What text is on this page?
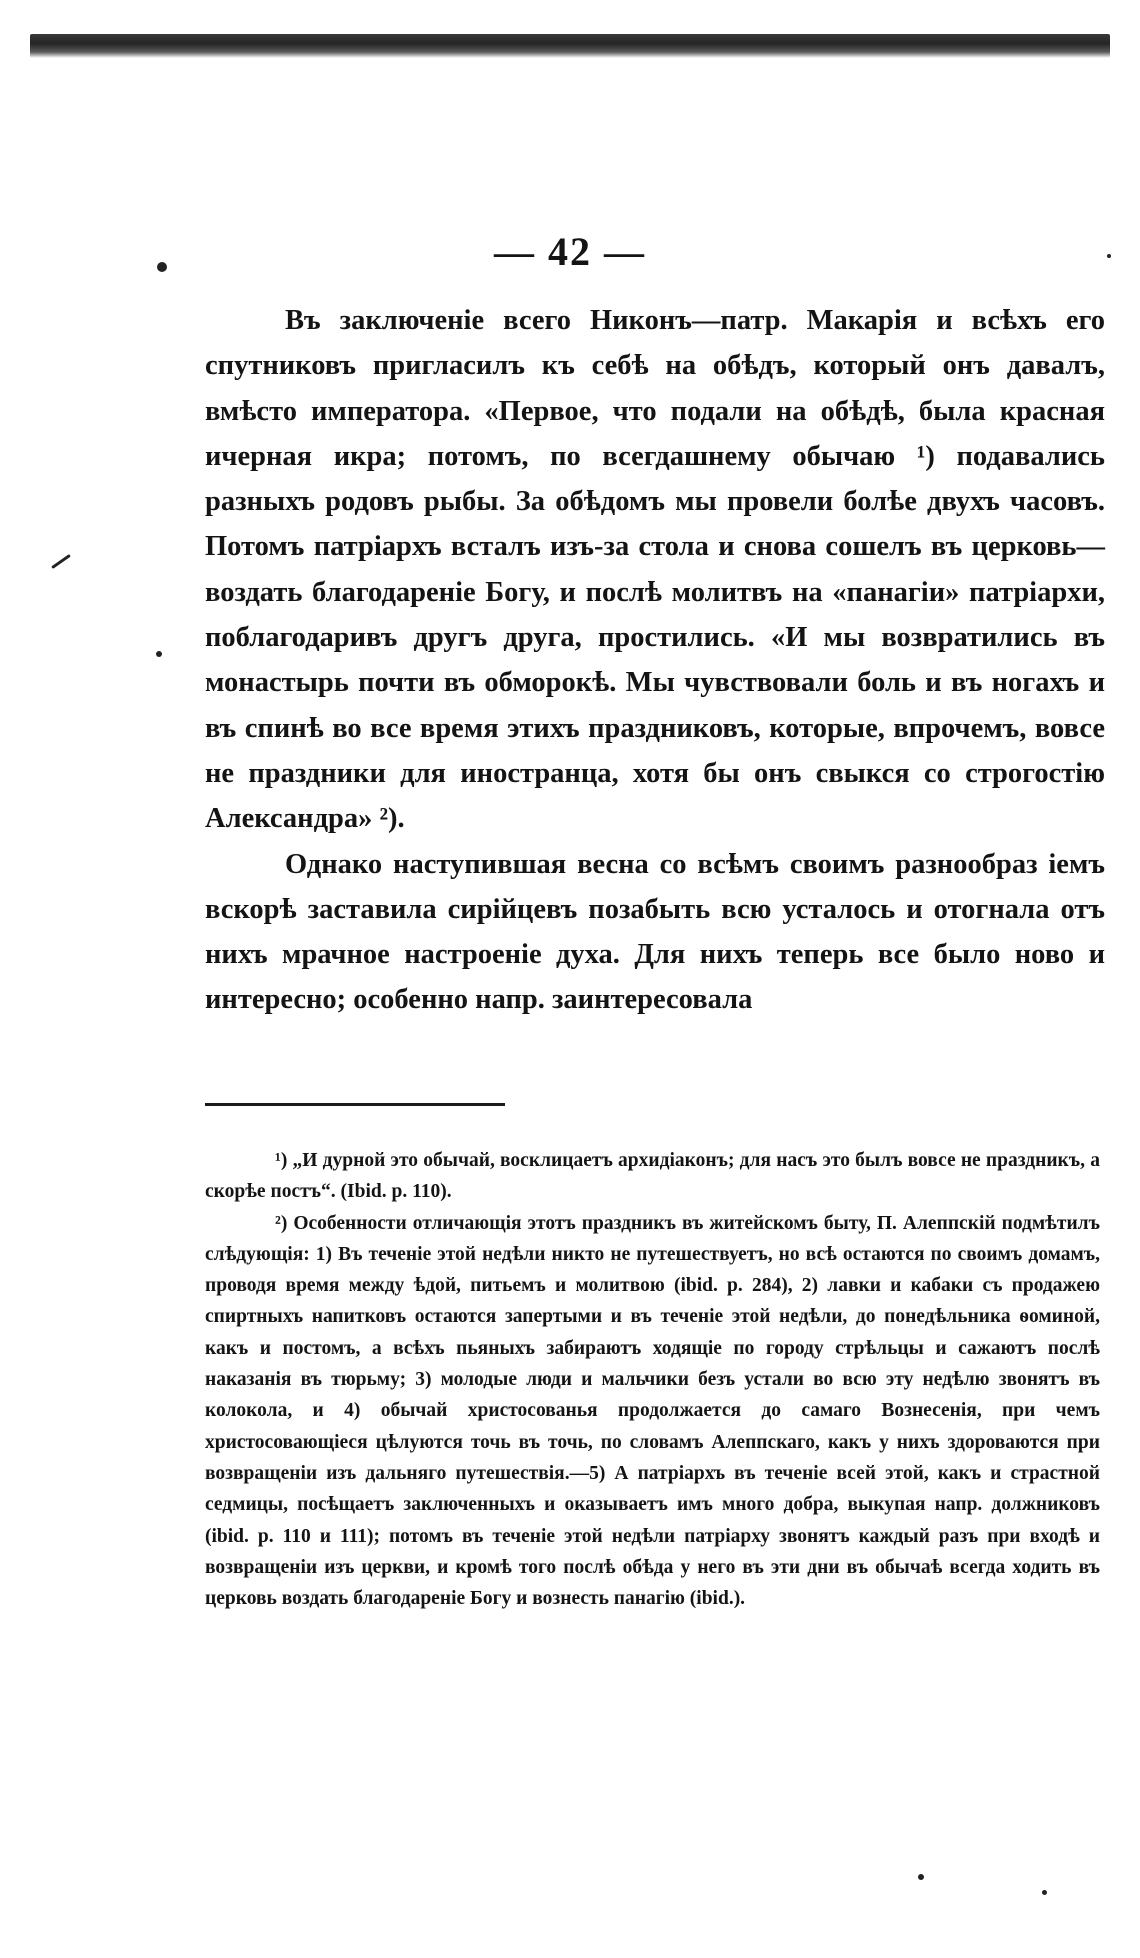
— 42 —

Въ заключеніе всего Никонъ—патр. Макарія и всѣхъ его спутниковъ пригласилъ къ себѣ на обѣдъ, который онъ давалъ, вмѣсто императора. «Первое, что подали на обѣдѣ, была красная ичерная икра; потомъ, по всегдашнему обычаю ¹) подавались разныхъ родовъ рыбы. За обѣдомъ мы провели болѣе двухъ часовъ. Потомъ патріархъ всталъ изъ-за стола и снова сошелъ въ церковь—воздать благодареніе Богу, и послѣ молитвъ на «панагіи» патріархи, поблагодаривъ другъ друга, простились. «И мы возвратились въ монастырь почти въ обморокѣ. Мы чувствовали боль и въ ногахъ и въ спинѣ во все время этихъ праздниковъ, которые, впрочемъ, вовсе не праздники для иностранца, хотя бы онъ свыкся со строгостію Александра» ²).

Однако наступившая весна со всѣмъ своимъ разнообраз іемъ вскорѣ заставила сирійцевъ позабыть всю усталось и отогнала отъ нихъ мрачное настроеніе духа. Для нихъ теперь все было ново и интересно; особенно напр. заинтересовала

¹) „И дурной это обычай, восклицаетъ архидіаконъ; для насъ это былъ вовсе не праздникъ, а скорѣе постъ“. (Ibid. p. 110).

²) Особенности отличающія этотъ праздникъ въ житейскомъ быту, П. Алеппскій подмѣтилъ слѣдующія: 1) Въ теченіе этой недѣли никто не путешествуетъ, но всѣ остаются по своимъ домамъ, проводя время между ѣдой, питьемъ и молитвою (ibid. p. 284), 2) лавки и кабаки съ продажею спиртныхъ напитковъ остаются запертыми и въ теченіе этой недѣли, до понедѣльника ѳоминой, какъ и постомъ, а всѣхъ пьяныхъ забираютъ ходящіе по городу стрѣльцы и сажаютъ послѣ наказанія въ тюрьму; 3) молодые люди и мальчики безъ устали во всю эту недѣлю звонятъ въ колокола, и 4) обычай христосованья продолжается до самаго Вознесенія, при чемъ христосовающіеся цѣлуются точь въ точь, по словамъ Алеппскаго, какъ у нихъ здороваются при возвращеніи изъ дальняго путешествія.—5) А патріархъ въ теченіе всей этой, какъ и страстной седмицы, посѣщаетъ заключенныхъ и оказываетъ имъ много добра, выкупая напр. должниковъ (ibid. p. 110 и 111); потомъ въ теченіе этой недѣли патріарху звонятъ каждый разъ при входѣ и возвращеніи изъ церкви, и кромѣ того послѣ обѣда у него въ эти дни въ обычаѣ всегда ходить въ церковь воздать благодареніе Богу и вознесть панагію (ibid.).
